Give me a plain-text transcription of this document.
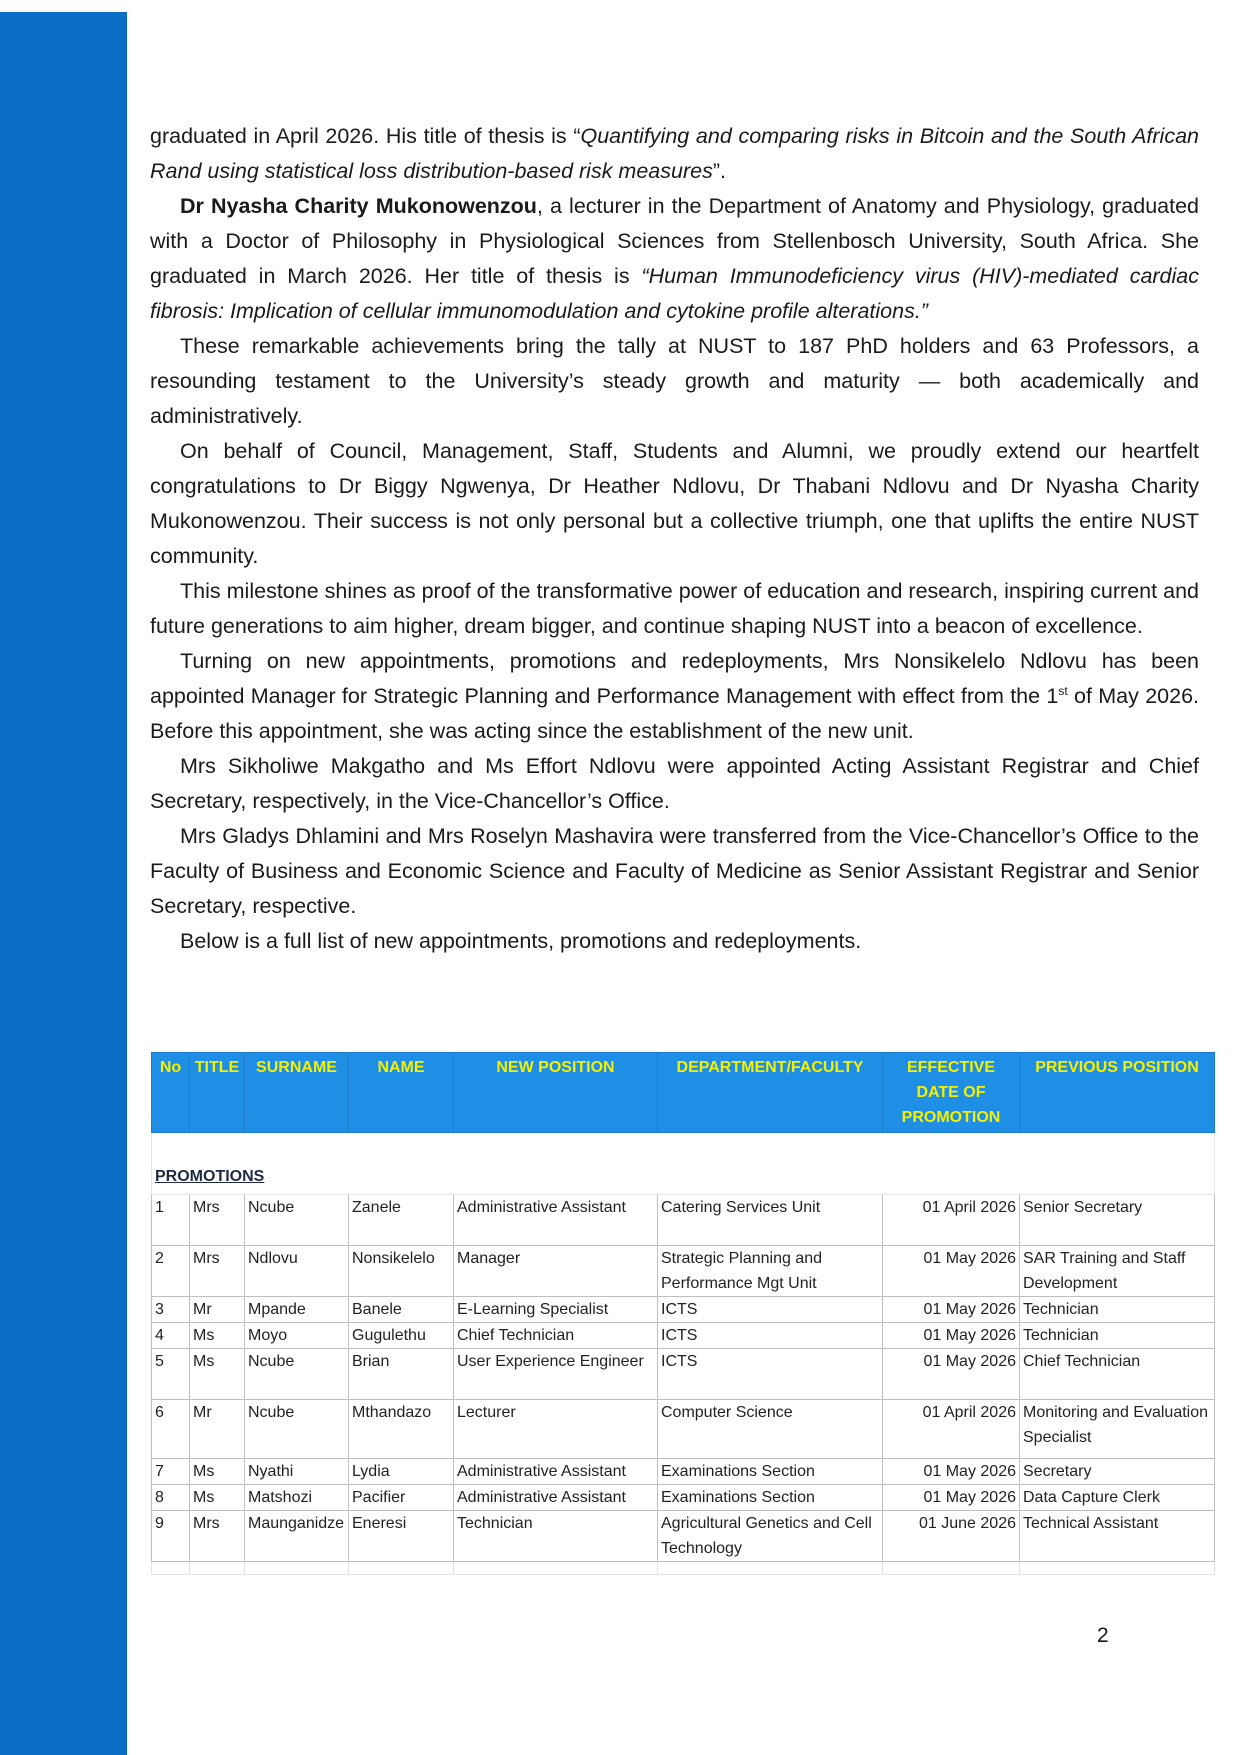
graduated in April 2026. His title of thesis is “Quantifying and comparing risks in Bitcoin and the South African Rand using statistical loss distribution-based risk measures”.

Dr Nyasha Charity Mukonowenzou, a lecturer in the Department of Anatomy and Physiology, graduated with a Doctor of Philosophy in Physiological Sciences from Stellenbosch University, South Africa. She graduated in March 2026. Her title of thesis is “Human Immunodeficiency virus (HIV)-mediated cardiac fibrosis: Implication of cellular immunomodulation and cytokine profile alterations.”

These remarkable achievements bring the tally at NUST to 187 PhD holders and 63 Professors, a resounding testament to the University’s steady growth and maturity — both academically and administratively.

On behalf of Council, Management, Staff, Students and Alumni, we proudly extend our heartfelt congratulations to Dr Biggy Ngwenya, Dr Heather Ndlovu, Dr Thabani Ndlovu and Dr Nyasha Charity Mukonowenzou. Their success is not only personal but a collective triumph, one that uplifts the entire NUST community.

This milestone shines as proof of the transformative power of education and research, inspiring current and future generations to aim higher, dream bigger, and continue shaping NUST into a beacon of excellence.

Turning on new appointments, promotions and redeployments, Mrs Nonsikelelo Ndlovu has been appointed Manager for Strategic Planning and Performance Management with effect from the 1st of May 2026. Before this appointment, she was acting since the establishment of the new unit.

Mrs Sikholiwe Makgatho and Ms Effort Ndlovu were appointed Acting Assistant Registrar and Chief Secretary, respectively, in the Vice-Chancellor’s Office.

Mrs Gladys Dhlamini and Mrs Roselyn Mashavira were transferred from the Vice-Chancellor’s Office to the Faculty of Business and Economic Science and Faculty of Medicine as Senior Assistant Registrar and Senior Secretary, respective.

Below is a full list of new appointments, promotions and redeployments.

PROMOTIONS							
No	TITLE	SURNAME	NAME	NEW POSITION	DEPARTMENT/FACULTY	EFFECTIVE DATE OF PROMOTION	PREVIOUS POSITION
1	Mrs	Ncube	Zanele	Administrative Assistant	Catering Services Unit	01 April 2026	Senior Secretary
2	Mrs	Ndlovu	Nonsikelelo	Manager	Strategic Planning and Performance Mgt Unit	01 May 2026	SAR Training and Staff Development
3	Mr	Mpande	Banele	E-Learning Specialist	ICTS	01 May 2026	Technician
4	Ms	Moyo	Gugulethu	Chief Technician	ICTS	01 May 2026	Technician
5	Ms	Ncube	Brian	User Experience Engineer	ICTS	01 May 2026	Chief Technician
6	Mr	Ncube	Mthandazo	Lecturer	Computer Science	01 April 2026	Monitoring and Evaluation Specialist
7	Ms	Nyathi	Lydia	Administrative Assistant	Examinations Section	01 May 2026	Secretary
8	Ms	Matshozi	Pacifier	Administrative Assistant	Examinations Section	01 May 2026	Data Capture Clerk
9	Mrs	Maunganidze	Eneresi	Technician	Agricultural Genetics and Cell Technology	01 June 2026	Technical Assistant

2
